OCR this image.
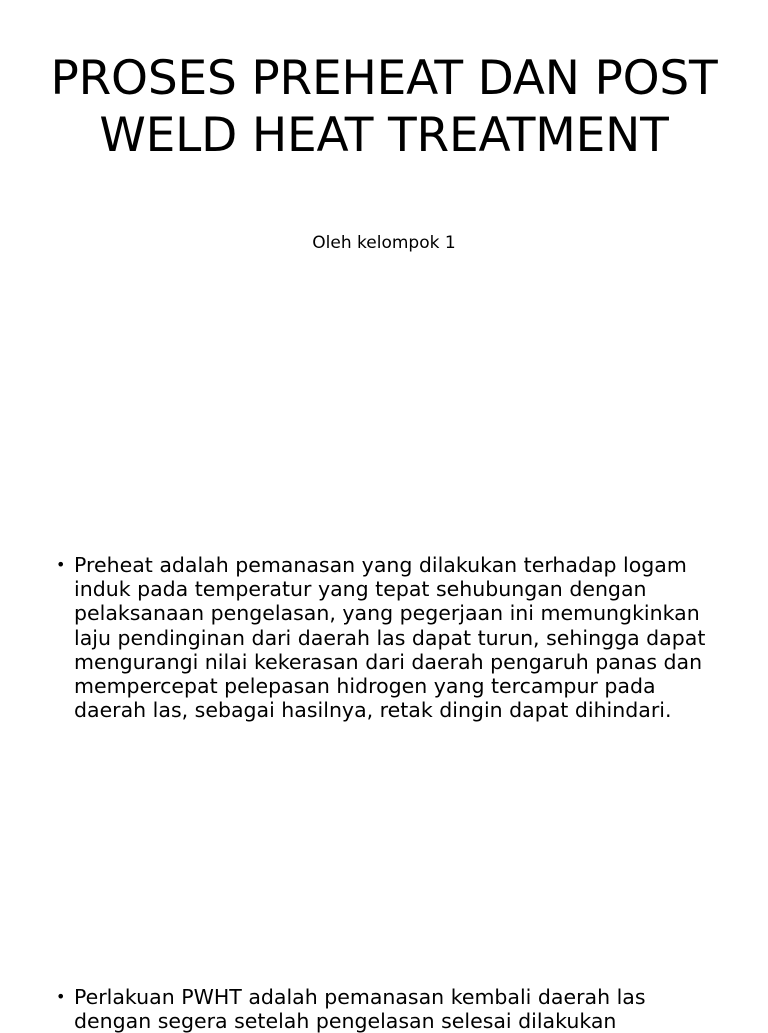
PROSES PREHEAT DAN POST WELD HEAT TREATMENT

Oleh kelompok 1

• Preheat adalah pemanasan yang dilakukan terhadap logam induk pada temperatur yang tepat sehubungan dengan pelaksanaan pengelasan, yang pegerjaan ini memungkinkan laju pendinginan dari daerah las dapat turun, sehingga dapat mengurangi nilai kekerasan dari daerah pengaruh panas dan mempercepat pelepasan hidrogen yang tercampur pada daerah las, sebagai hasilnya, retak dingin dapat dihindari.
• Perlakuan PWHT adalah pemanasan kembali daerah las dengan segera setelah pengelasan selesai dilakukan
